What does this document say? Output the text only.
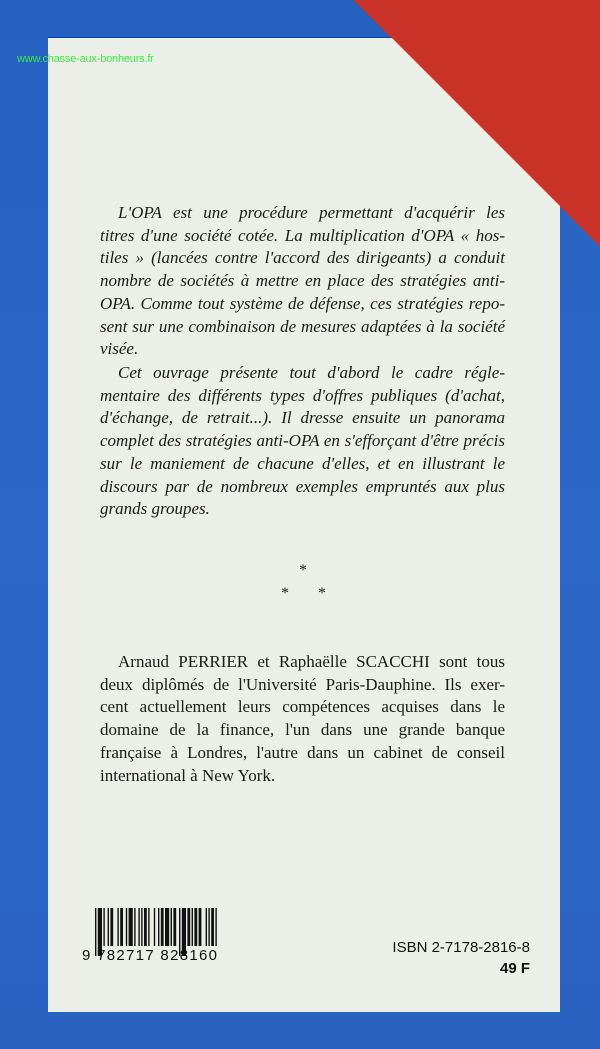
www.chasse-aux-bonheurs.fr
L'OPA est une procédure permettant d'acquérir les
titres d'une société cotée. La multiplication d'OPA « hos-
tiles » (lancées contre l'accord des dirigeants) a conduit
nombre de sociétés à mettre en place des stratégies anti-
OPA. Comme tout système de défense, ces stratégies repo-
sent sur une combinaison de mesures adaptées à la société
visée.
Cet ouvrage présente tout d'abord le cadre régle-
mentaire des différents types d'offres publiques (d'achat,
d'échange, de retrait...). Il dresse ensuite un panorama
complet des stratégies anti-OPA en s'efforçant d'être précis
sur le maniement de chacune d'elles, et en illustrant le
discours par de nombreux exemples empruntés aux plus
grands groupes.
*
* *
Arnaud PERRIER et Raphaëlle SCACCHI sont tous
deux diplômés de l'Université Paris-Dauphine. Ils exer-
cent actuellement leurs compétences acquises dans le
domaine de la finance, l'un dans une grande banque
française à Londres, l'autre dans un cabinet de conseil
international à New York.
9 782717 828160	ISBN 2-7178-2816-8
49 F
